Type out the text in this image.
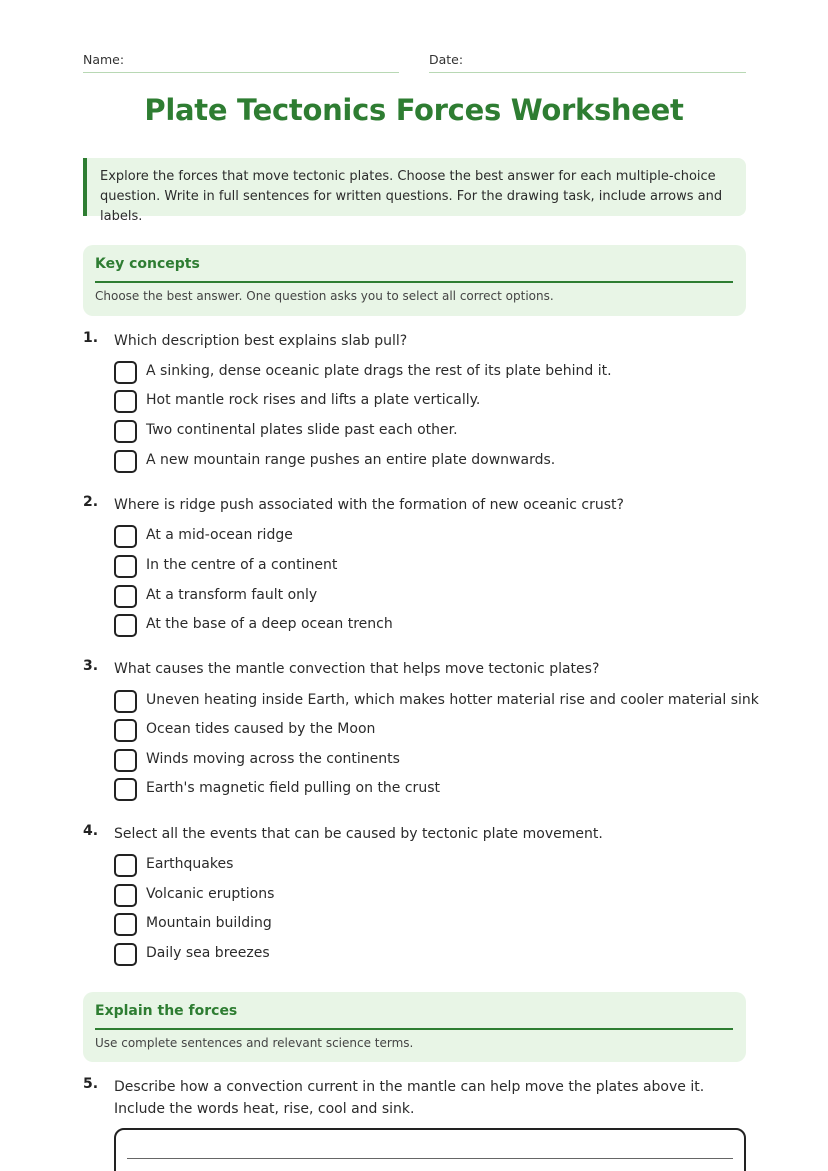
Name:	Date:
Plate Tectonics Forces Worksheet
Explore the forces that move tectonic plates. Choose the best answer for each multiple-choice question. Write in full sentences for written questions. For the drawing task, include arrows and labels.
Key concepts
Choose the best answer. One question asks you to select all correct options.
1. Which description best explains slab pull?
A sinking, dense oceanic plate drags the rest of its plate behind it.
Hot mantle rock rises and lifts a plate vertically.
Two continental plates slide past each other.
A new mountain range pushes an entire plate downwards.
2. Where is ridge push associated with the formation of new oceanic crust?
At a mid-ocean ridge
In the centre of a continent
At a transform fault only
At the base of a deep ocean trench
3. What causes the mantle convection that helps move tectonic plates?
Uneven heating inside Earth, which makes hotter material rise and cooler material sink
Ocean tides caused by the Moon
Winds moving across the continents
Earth's magnetic field pulling on the crust
4. Select all the events that can be caused by tectonic plate movement.
Earthquakes
Volcanic eruptions
Mountain building
Daily sea breezes
Explain the forces
Use complete sentences and relevant science terms.
5. Describe how a convection current in the mantle can help move the plates above it. Include the words heat, rise, cool and sink.
